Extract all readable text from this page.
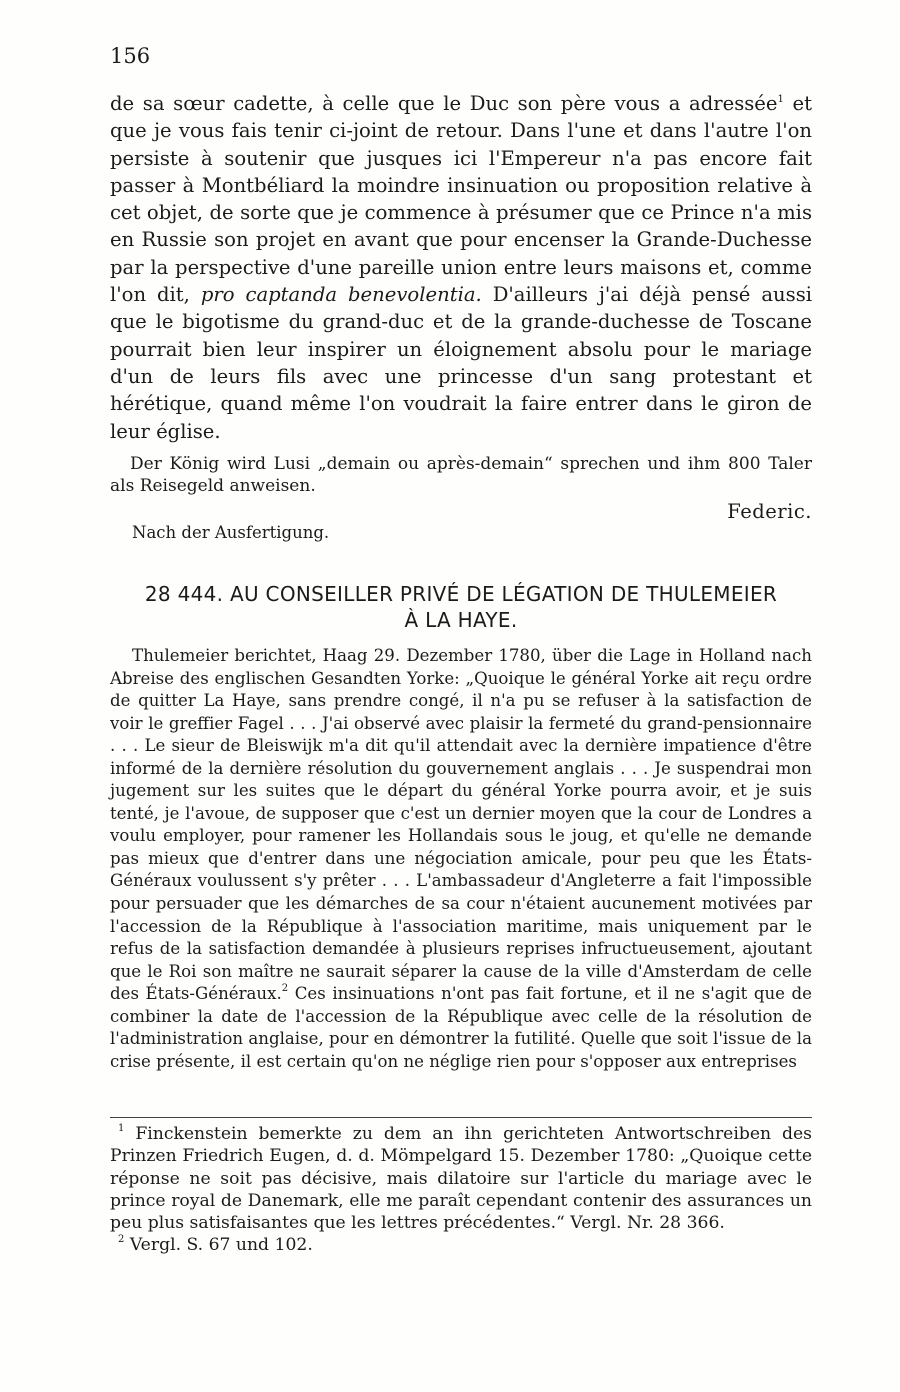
156

de sa sœur cadette, à celle que le Duc son père vous a adressée$^1$ et que je vous fais tenir ci-joint de retour. Dans l'une et dans l'autre l'on persiste à soutenir que jusques ici l'Empereur n'a pas encore fait passer à Montbéliard la moindre insinuation ou proposition relative à cet objet, de sorte que je commence à présumer que ce Prince n'a mis en Russie son projet en avant que pour encenser la Grande-Duchesse par la perspective d'une pareille union entre leurs maisons et, comme l'on dit, pro captanda benevolentia. D'ailleurs j'ai déjà pensé aussi que le bigotisme du grand-duc et de la grande-duchesse de Toscane pourrait bien leur inspirer un éloignement absolu pour le mariage d'un de leurs fils avec une princesse d'un sang protestant et hérétique, quand même l'on voudrait la faire entrer dans le giron de leur église.

Der König wird Lusi „demain ou après-demain“ sprechen und ihm 800 Taler als Reisegeld anweisen.

Federic.
Nach der Ausfertigung.
28 444. AU CONSEILLER PRIVÉ DE LÉGATION DE THULEMEIER
À LA HAYE.

Thulemeier berichtet, Haag 29. Dezember 1780, über die Lage in Holland nach Abreise des englischen Gesandten Yorke: „Quoique le général Yorke ait reçu ordre de quitter La Haye, sans prendre congé, il n'a pu se refuser à la satisfaction de voir le greffier Fagel . . . J'ai observé avec plaisir la fermeté du grand-pensionnaire . . . Le sieur de Bleiswijk m'a dit qu'il attendait avec la dernière impatience d'être informé de la dernière résolution du gouvernement anglais . . . Je suspendrai mon jugement sur les suites que le départ du général Yorke pourra avoir, et je suis tenté, je l'avoue, de supposer que c'est un dernier moyen que la cour de Londres a voulu employer, pour ramener les Hollandais sous le joug, et qu'elle ne demande pas mieux que d'entrer dans une négociation amicale, pour peu que les États-Généraux voulussent s'y prêter . . . L'ambassadeur d'Angleterre a fait l'impossible pour persuader que les démarches de sa cour n'étaient aucunement motivées par l'accession de la République à l'association maritime, mais uniquement par le refus de la satisfaction demandée à plusieurs reprises infructueusement, ajoutant que le Roi son maître ne saurait séparer la cause de la ville d'Amsterdam de celle des États-Généraux.$^2$ Ces insinuations n'ont pas fait fortune, et il ne s'agit que de combiner la date de l'accession de la République avec celle de la résolution de l'administration anglaise, pour en démontrer la futilité. Quelle que soit l'issue de la crise présente, il est certain qu'on ne néglige rien pour s'opposer aux entreprises

$^1$ Finckenstein bemerkte zu dem an ihn gerichteten Antwortschreiben des Prinzen Friedrich Eugen, d. d. Mömpelgard 15. Dezember 1780: „Quoique cette réponse ne soit pas décisive, mais dilatoire sur l'article du mariage avec le prince royal de Danemark, elle me paraît cependant contenir des assurances un peu plus satisfaisantes que les lettres précédentes.“ Vergl. Nr. 28 366.

$^2$ Vergl. S. 67 und 102.
